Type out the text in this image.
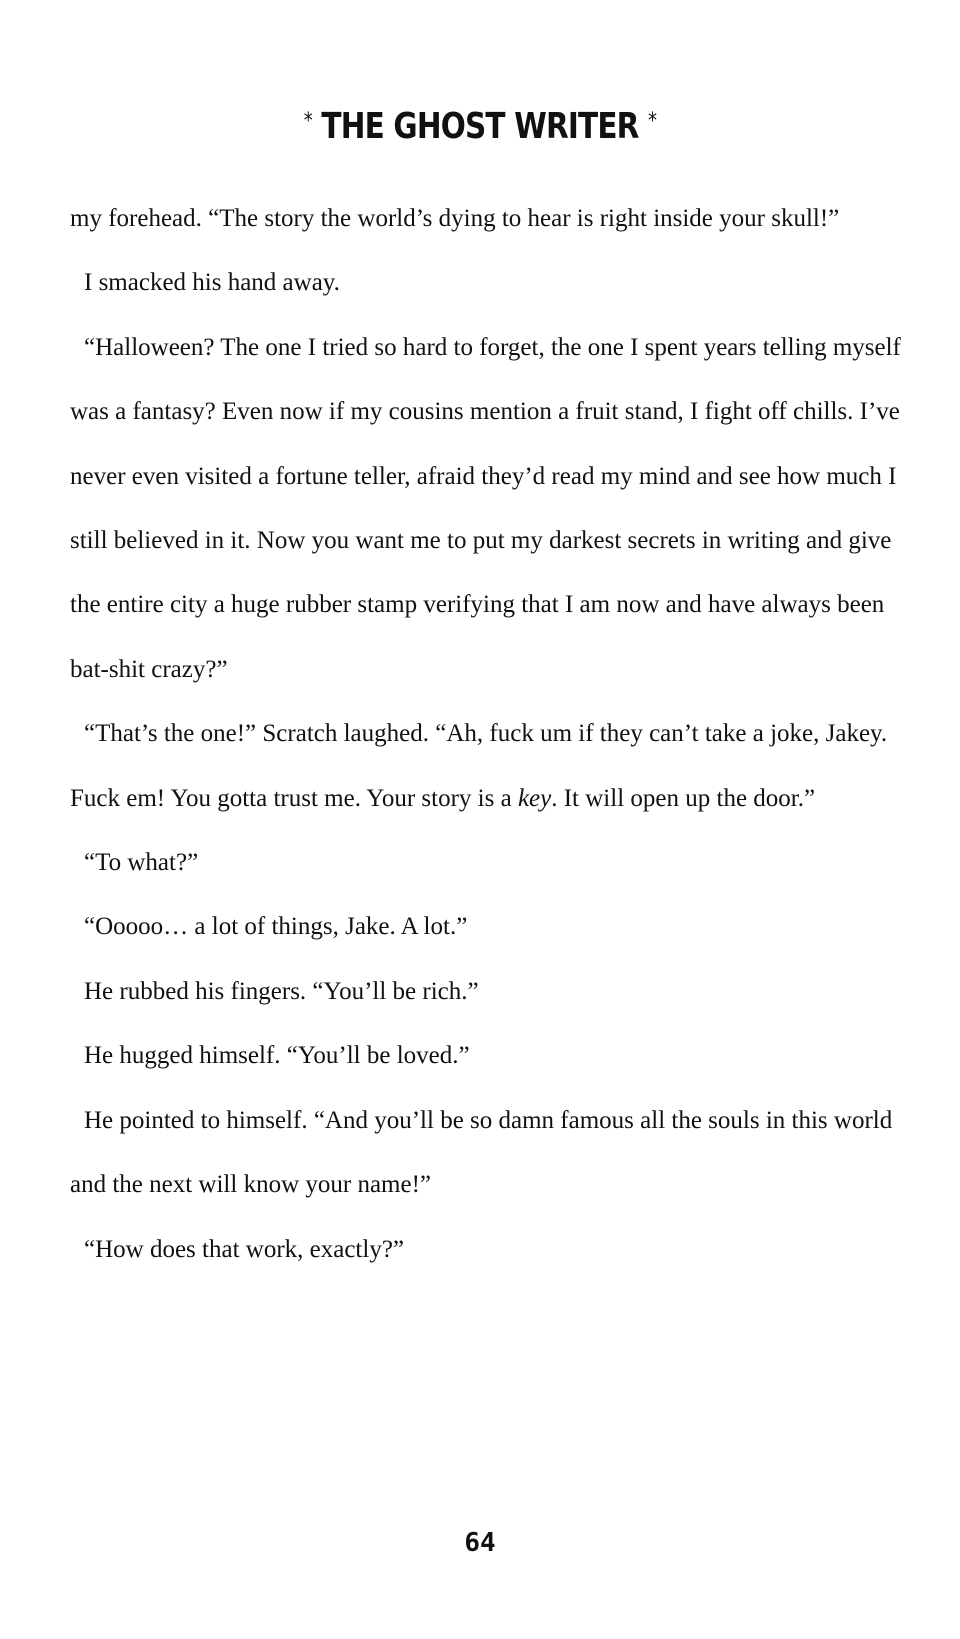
* THE GHOST WRITER *

my forehead. “The story the world’s dying to hear is right inside your skull!”

I smacked his hand away.

“Halloween? The one I tried so hard to forget, the one I spent years telling myself was a fantasy? Even now if my cousins mention a fruit stand, I fight off chills. I’ve never even visited a fortune teller, afraid they’d read my mind and see how much I still believed in it. Now you want me to put my darkest secrets in writing and give the entire city a huge rubber stamp verifying that I am now and have always been bat-shit crazy?”

“That’s the one!” Scratch laughed. “Ah, fuck um if they can’t take a joke, Jakey. Fuck em! You gotta trust me. Your story is a key. It will open up the door.”

“To what?”

“Ooooo… a lot of things, Jake. A lot.”

He rubbed his fingers. “You’ll be rich.”

He hugged himself. “You’ll be loved.”

He pointed to himself. “And you’ll be so damn famous all the souls in this world and the next will know your name!”

“How does that work, exactly?”

64
